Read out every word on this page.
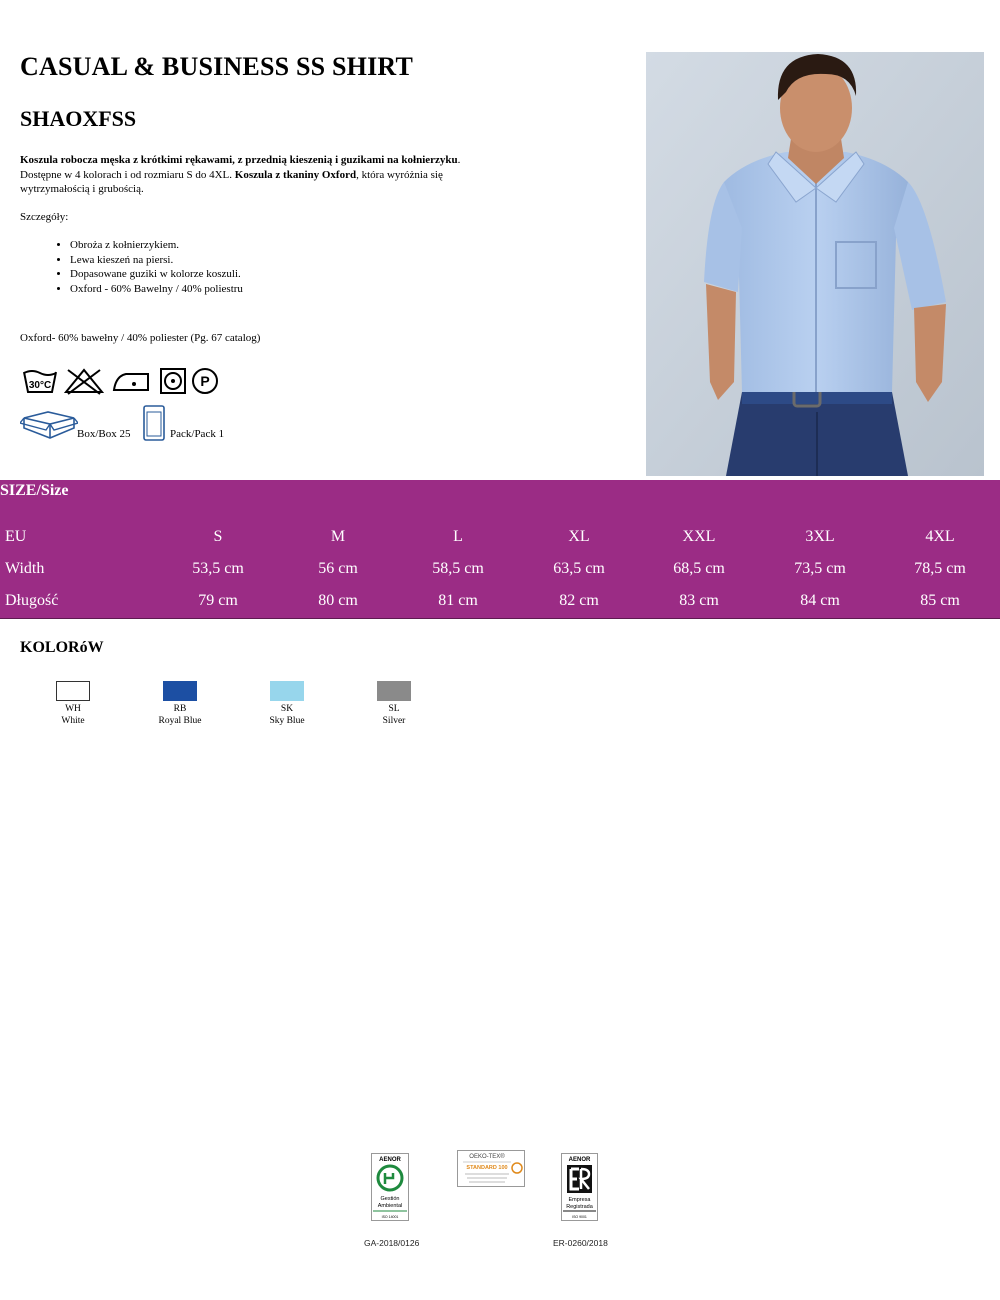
CASUAL & BUSINESS SS SHIRT
SHAOXFSS
Koszula robocza męska z krótkimi rękawami, z przednią kieszenią i guzikami na kołnierzyku. Dostępne w 4 kolorach i od rozmiaru S do 4XL. Koszula z tkaniny Oxford, która wyróżnia się wytrzymałością i grubością.
Szczegóły:
• Obroża z kołnierzykiem.
• Lewa kieszeń na piersi.
• Dopasowane guziki w kolorze koszuli.
• Oxford - 60% Bawelny / 40% poliestru
Oxford- 60% bawełny / 40% poliester (Pg. 67 catalog)
30°C	P
Box/Box 25	Pack/Pack 1
SIZE/Size
EU	S	M	L	XL	XXL	3XL	4XL
Width	53,5 cm	56 cm	58,5 cm	63,5 cm	68,5 cm	73,5 cm	78,5 cm
Długość	79 cm	80 cm	81 cm	82 cm	83 cm	84 cm	85 cm
KOLORóW
WH
White
RB
Royal Blue
SK
Sky Blue
SL
Silver
AENOR
Gestión
Ambiental
ISO 14001
GA-2018/0126
OEKO-TEX®
STANDARD 100
AENOR
Empresa
Registrada
ISO 9001
ER-0260/2018
